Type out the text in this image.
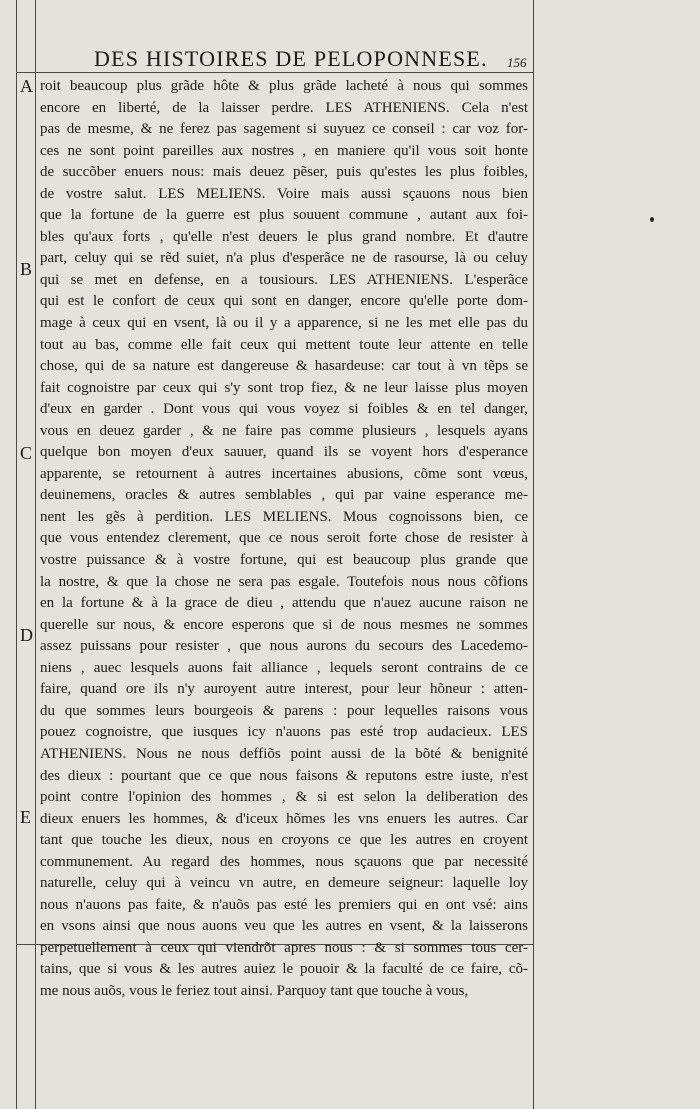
DES HISTOIRES DE PELOPONNESE. 156
A
B
C
D
E
roit beaucoup plus grãde hôte & plus grãde lacheté à nous qui sommes
encore en liberté, de la laisser perdre. LES ATHENIENS. Cela n'est
pas de mesme, & ne ferez pas sagement si suyuez ce conseil : car voz for-
ces ne sont point pareilles aux nostres , en maniere qu'il vous soit honte
de succõber enuers nous: mais deuez pẽser, puis qu'estes les plus foibles,
de vostre salut. LES MELIENS. Voire mais aussi sçauons nous bien
que la fortune de la guerre est plus souuent commune , autant aux foi-
bles qu'aux forts , qu'elle n'est deuers le plus grand nombre. Et d'autre
part, celuy qui se rẽd suiet, n'a plus d'esperãce ne de rasourse, là ou celuy
qui se met en defense, en a tousiours. LES ATHENIENS. L'esperãce
qui est le confort de ceux qui sont en danger, encore qu'elle porte dom-
mage à ceux qui en vsent, là ou il y a apparence, si ne les met elle pas du
tout au bas, comme elle fait ceux qui mettent toute leur attente en telle
chose, qui de sa nature est dangereuse & hasardeuse: car tout à vn tẽps se
fait cognoistre par ceux qui s'y sont trop fiez, & ne leur laisse plus moyen
d'eux en garder . Dont vous qui vous voyez si foibles & en tel danger,
vous en deuez garder , & ne faire pas comme plusieurs , lesquels ayans
quelque bon moyen d'eux sauuer, quand ils se voyent hors d'esperance
apparente, se retournent à autres incertaines abusions, cõme sont vœus,
deuinemens, oracles & autres semblables , qui par vaine esperance me-
nent les gẽs à perdition. LES MELIENS. Mous cognoissons bien, ce
que vous entendez clerement, que ce nous seroit forte chose de resister à
vostre puissance & à vostre fortune, qui est beaucoup plus grande que
la nostre, & que la chose ne sera pas esgale. Toutefois nous nous cõfions
en la fortune & à la grace de dieu , attendu que n'auez aucune raison ne
querelle sur nous, & encore esperons que si de nous mesmes ne sommes
assez puissans pour resister , que nous aurons du secours des Lacedemo-
niens , auec lesquels auons fait alliance , lequels seront contrains de ce
faire, quand ore ils n'y auroyent autre interest, pour leur hõneur : atten-
du que sommes leurs bourgeois & parens : pour lequelles raisons vous
pouez cognoistre, que iusques icy n'auons pas esté trop audacieux. LES
ATHENIENS. Nous ne nous deffiõs point aussi de la bõté & benignité
des dieux : pourtant que ce que nous faisons & reputons estre iuste, n'est
point contre l'opinion des hommes , & si est selon la deliberation des
dieux enuers les hommes, & d'iceux hõmes les vns enuers les autres. Car
tant que touche les dieux, nous en croyons ce que les autres en croyent
communement. Au regard des hommes, nous sçauons que par necessité
naturelle, celuy qui à veincu vn autre, en demeure seigneur: laquelle loy
nous n'auons pas faite, & n'auõs pas esté les premiers qui en ont vsé: ains
en vsons ainsi que nous auons veu que les autres en vsent, & la laisserons
perpetuellement à ceux qui viendrõt apres nous : & si sommes tous cer-
tains, que si vous & les autres auiez le pouoir & la faculté de ce faire, cõ-
me nous auõs, vous le feriez tout ainsi. Parquoy tant que touche à vous,
